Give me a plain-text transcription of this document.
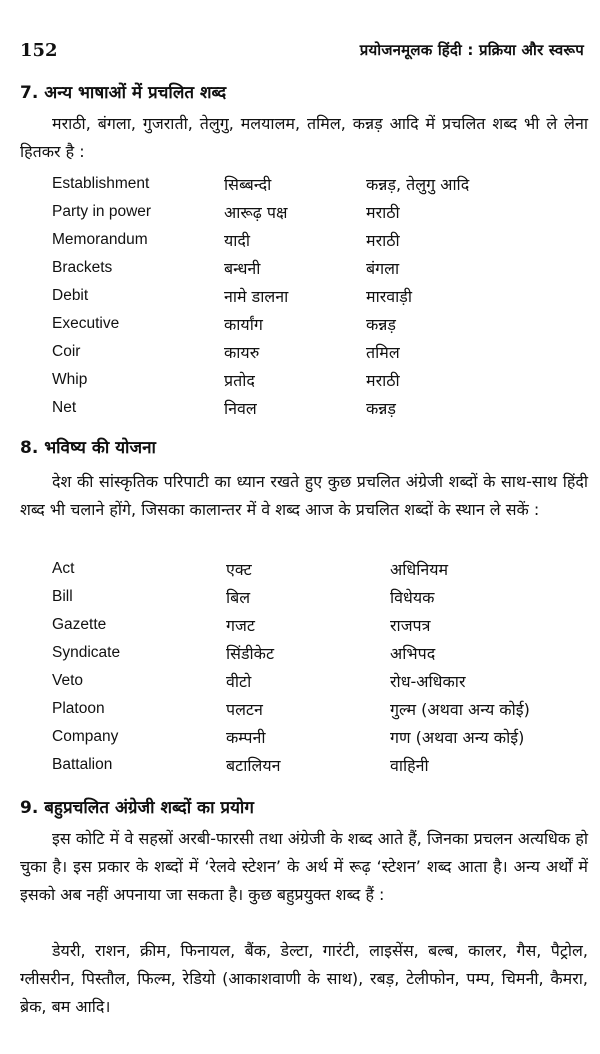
152	प्रयोजनमूलक हिंदी : प्रक्रिया और स्वरूप
7. अन्य भाषाओं में प्रचलित शब्द

मराठी, बंगला, गुजराती, तेलुगु, मलयालम, तमिल, कन्नड़ आदि में प्रचलित शब्द भी ले लेना हितकर है :

Establishment	सिब्बन्दी	कन्नड़, तेलुगु आदि
Party in power	आरूढ़ पक्ष	मराठी
Memorandum	यादी	मराठी
Brackets	बन्धनी	बंगला
Debit	नामे डालना	मारवाड़ी
Executive	कार्यांग	कन्नड़
Coir	कायरु	तमिल
Whip	प्रतोद	मराठी
Net	निवल	कन्नड़
8. भविष्य की योजना

देश की सांस्कृतिक परिपाटी का ध्यान रखते हुए कुछ प्रचलित अंग्रेजी शब्दों के साथ-साथ हिंदी शब्द भी चलाने होंगे, जिसका कालान्तर में वे शब्द आज के प्रचलित शब्दों के स्थान ले सकें :

Act	एक्ट	अधिनियम
Bill	बिल	विधेयक
Gazette	गजट	राजपत्र
Syndicate	सिंडीकेट	अभिपद
Veto	वीटो	रोध-अधिकार
Platoon	पलटन	गुल्म (अथवा अन्य कोई)
Company	कम्पनी	गण (अथवा अन्य कोई)
Battalion	बटालियन	वाहिनी
9. बहुप्रचलित अंग्रेजी शब्दों का प्रयोग

इस कोटि में वे सहस्रों अरबी-फारसी तथा अंग्रेजी के शब्द आते हैं, जिनका प्रचलन अत्यधिक हो चुका है। इस प्रकार के शब्दों में ‘रेलवे स्टेशन’ के अर्थ में रूढ़ ‘स्टेशन’ शब्द आता है। अन्य अर्थों में इसको अब नहीं अपनाया जा सकता है। कुछ बहुप्रयुक्त शब्द हैं :

डेयरी, राशन, क्रीम, फिनायल, बैंक, डेल्टा, गारंटी, लाइसेंस, बल्ब, कालर, गैस, पैट्रोल, ग्लीसरीन, पिस्तौल, फिल्म, रेडियो (आकाशवाणी के साथ), रबड़, टेलीफोन, पम्प, चिमनी, कैमरा, ब्रेक, बम आदि।
